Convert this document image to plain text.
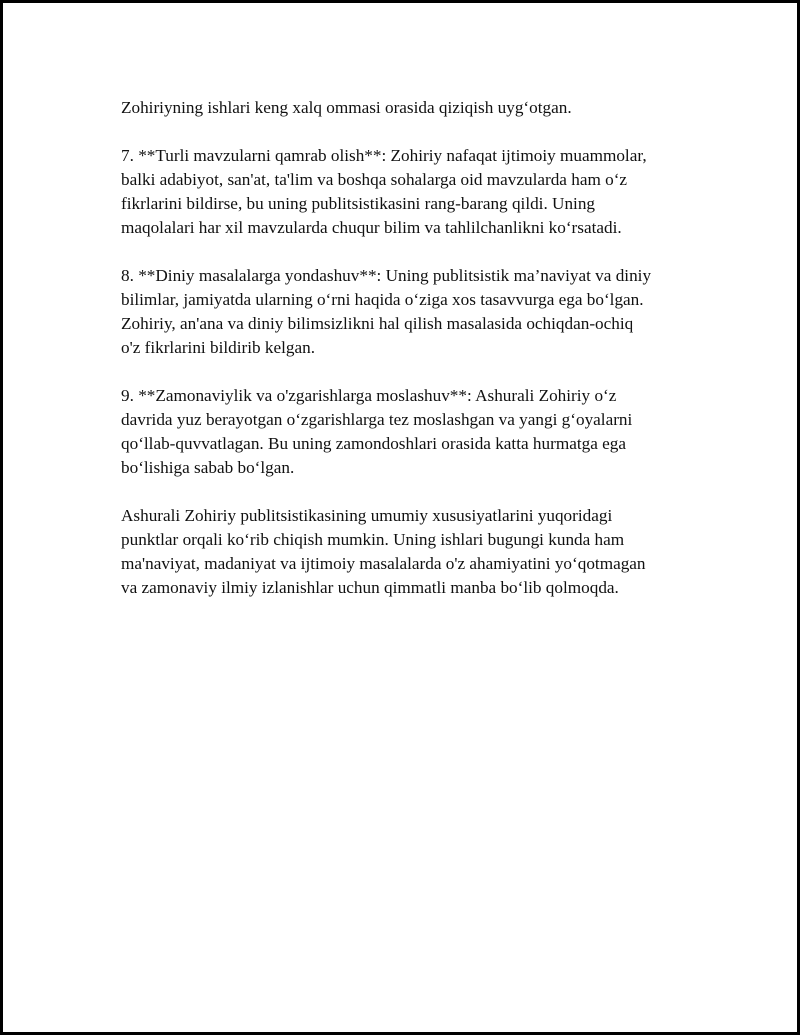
Zohiriyning ishlari keng xalq ommasi orasida qiziqish uyg‘otgan.

7. **Turli mavzularni qamrab olish**: Zohiriy nafaqat ijtimoiy muammolar,
balki adabiyot, san'at, ta'lim va boshqa sohalarga oid mavzularda ham o‘z
fikrlarini bildirse, bu uning publitsistikasini rang-barang qildi. Uning
maqolalari har xil mavzularda chuqur bilim va tahlilchanlikni ko‘rsatadi.

8. **Diniy masalalarga yondashuv**: Uning publitsistik ma’naviyat va diniy
bilimlar, jamiyatda ularning o‘rni haqida o‘ziga xos tasavvurga ega bo‘lgan.
Zohiriy, an'ana va diniy bilimsizlikni hal qilish masalasida ochiqdan-ochiq
o'z fikrlarini bildirib kelgan.

9. **Zamonaviylik va o'zgarishlarga moslashuv**: Ashurali Zohiriy o‘z
davrida yuz berayotgan o‘zgarishlarga tez moslashgan va yangi g‘oyalarni
qo‘llab-quvvatlagan. Bu uning zamondoshlari orasida katta hurmatga ega
bo‘lishiga sabab bo‘lgan.

Ashurali Zohiriy publitsistikasining umumiy xususiyatlarini yuqoridagi
punktlar orqali ko‘rib chiqish mumkin. Uning ishlari bugungi kunda ham
ma'naviyat, madaniyat va ijtimoiy masalalarda o'z ahamiyatini yo‘qotmagan
va zamonaviy ilmiy izlanishlar uchun qimmatli manba bo‘lib qolmoqda.
